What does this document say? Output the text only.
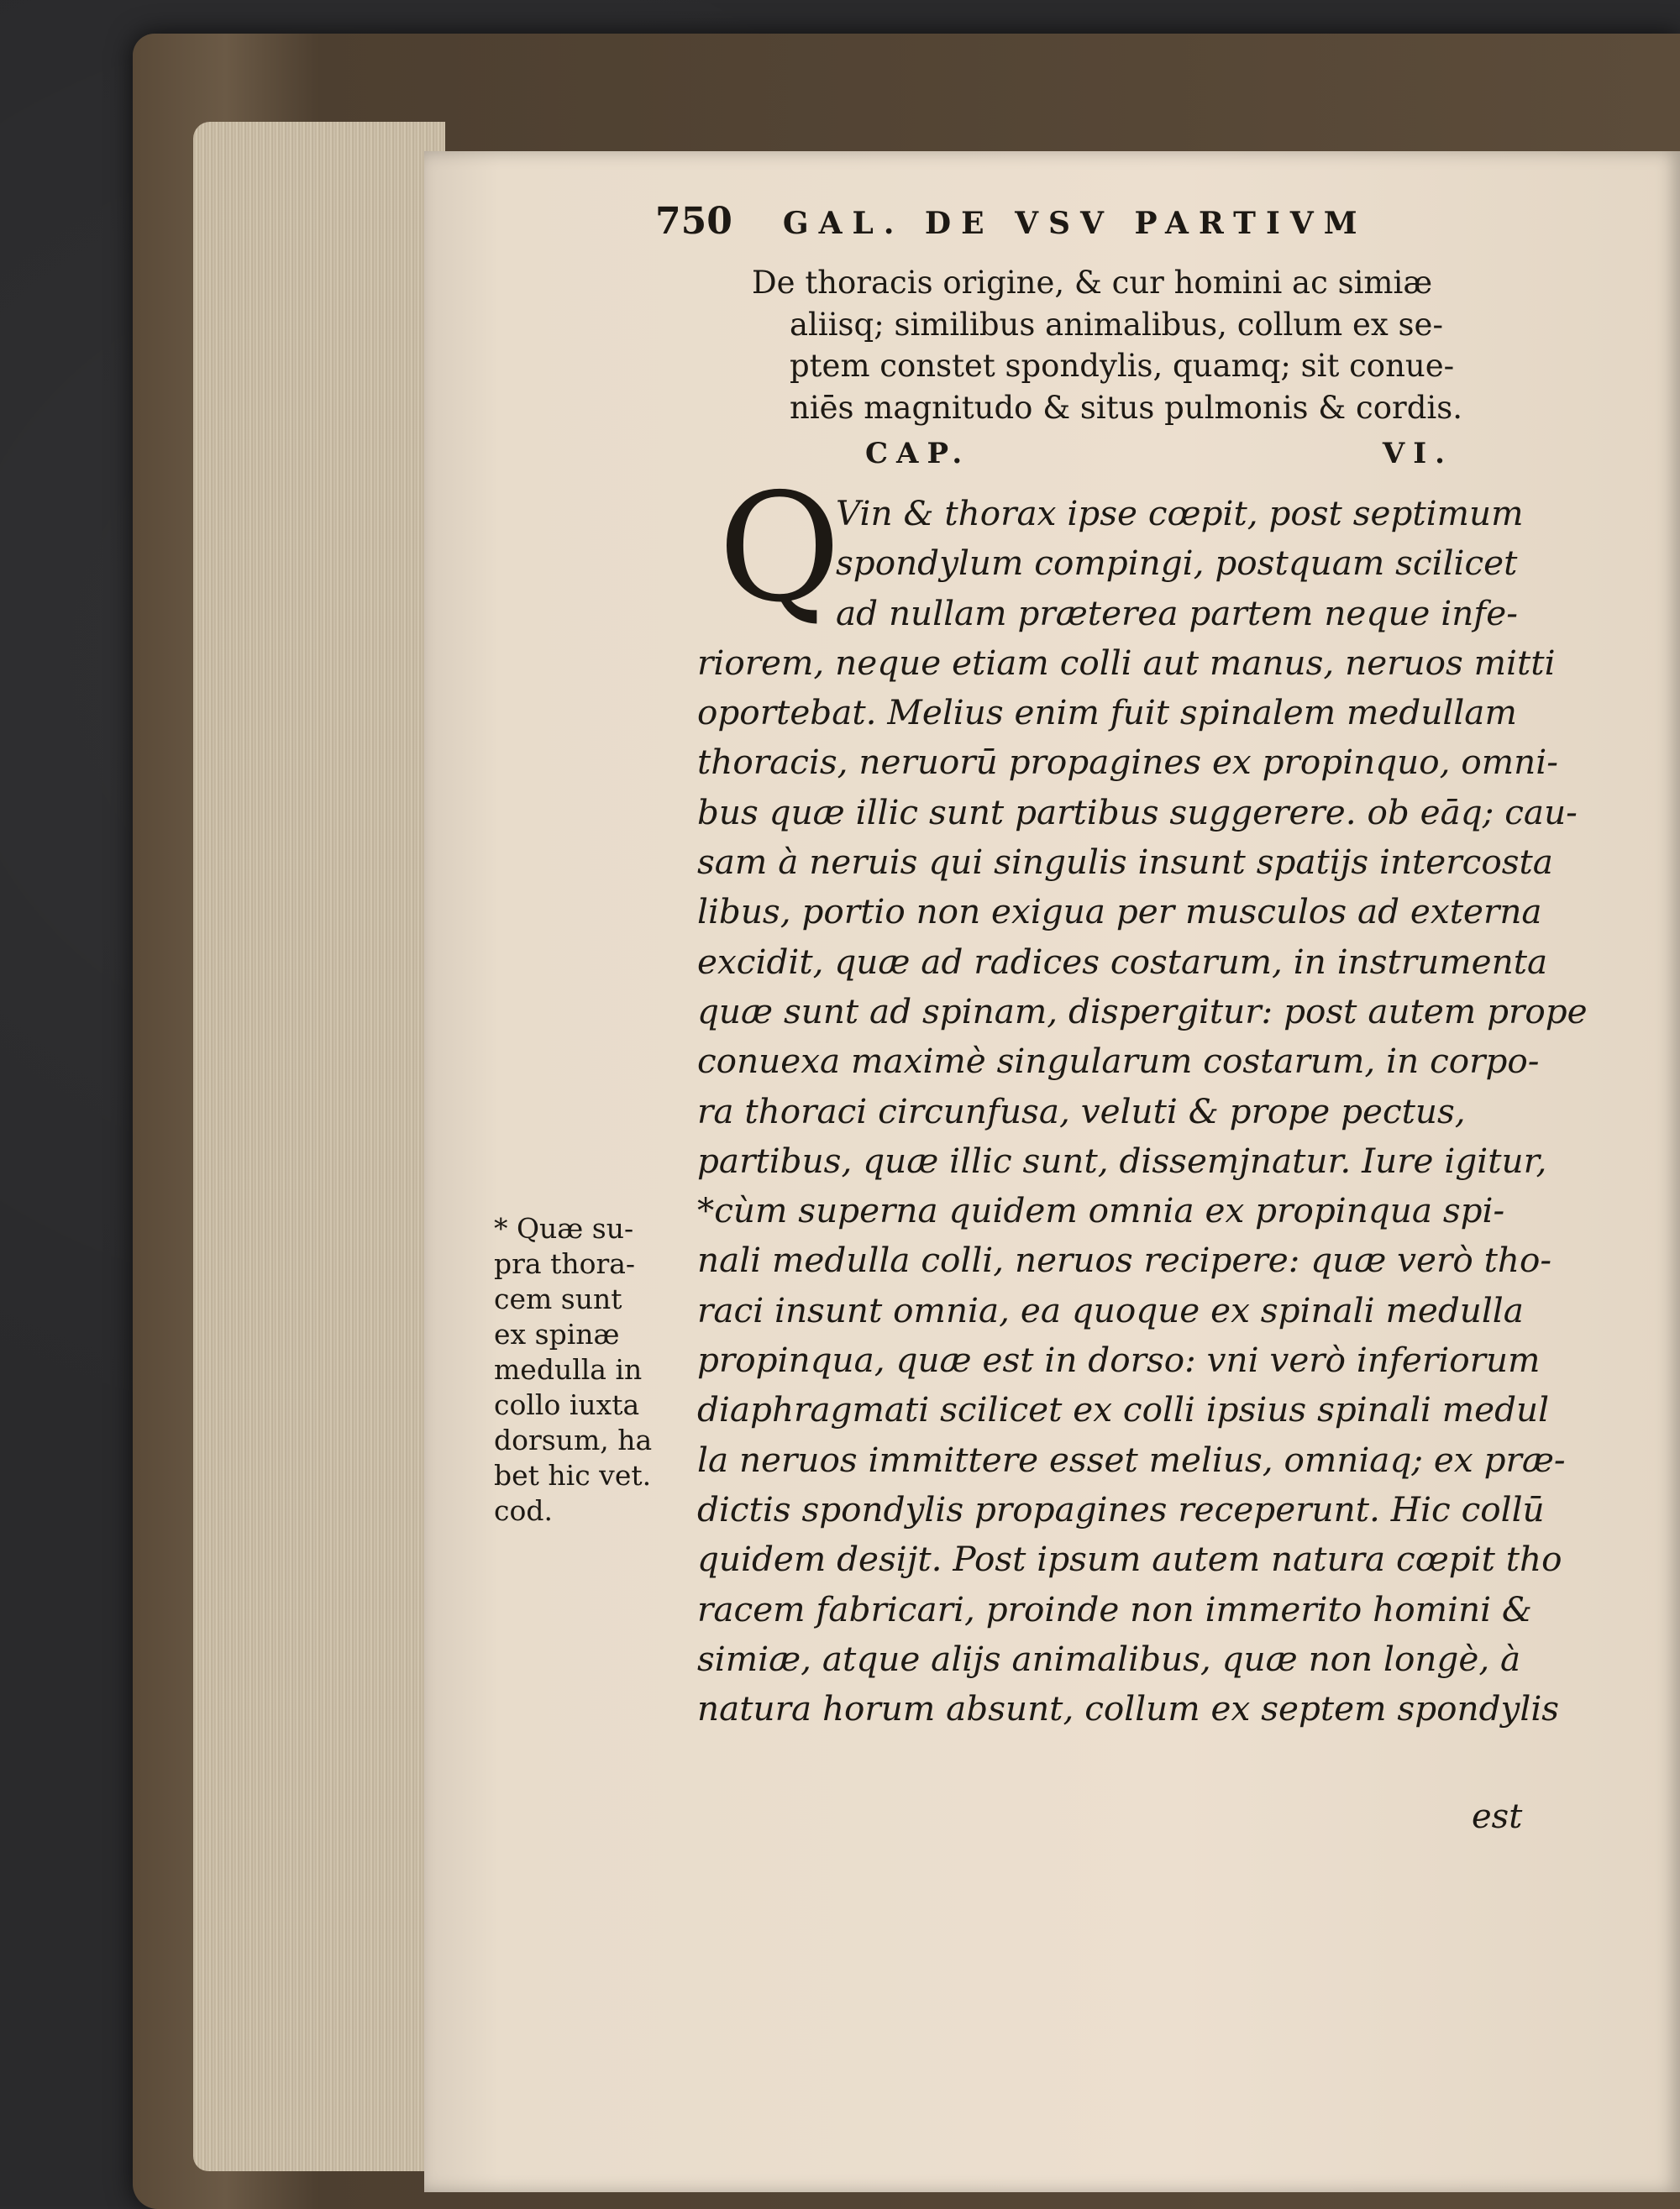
750 GAL. DE VSV PARTIVM
De thoracis origine, & cur homini ac simiæ
aliisq; similibus animalibus, collum ex se-
ptem constet spondylis, quamq; sit conue-
niēs magnitudo & situs pulmonis & cordis.
CAP.	VI.
Q
Vin & thorax ipse cœpit, post septimum
spondylum compingi, postquam scilicet
ad nullam prӕterea partem neque infe-
riorem, neque etiam colli aut manus, neruos mitti
oportebat. Melius enim fuit spinalem medullam
thoracis, neruorū propagines ex propinquo, omni-
bus quӕ illic sunt partibus suggerere. ob eāq; cau-
sam à neruis qui singulis insunt spatijs intercosta
libus, portio non exigua per musculos ad externa
excidit, quӕ ad radices costarum, in instrumenta
quӕ sunt ad spinam, dispergitur: post autem prope
conuexa maximè singularum costarum, in corpo-
ra thoraci circunfusa, veluti & prope pectus,
partibus, quӕ illic sunt, dissemjnatur. Iure igitur,
*cùm superna quidem omnia ex propinqua spi-
nali medulla colli, neruos recipere: quӕ verò tho-
raci insunt omnia, ea quoque ex spinali medulla
propinqua, quӕ est in dorso: vni verò inferiorum
diaphragmati scilicet ex colli ipsius spinali medul
la neruos immittere esset melius, omniaq; ex prӕ-
dictis spondylis propagines receperunt. Hic collū
quidem desijt. Post ipsum autem natura cœpit tho
racem fabricari, proinde non immerito homini &
simiӕ, atque alijs animalibus, quӕ non longè, à
natura horum absunt, collum ex septem spondylis
est
* Quæ su-
pra thora-
cem sunt
ex spinæ
medulla in
collo iuxta
dorsum, ha
bet hic vet.
cod.
